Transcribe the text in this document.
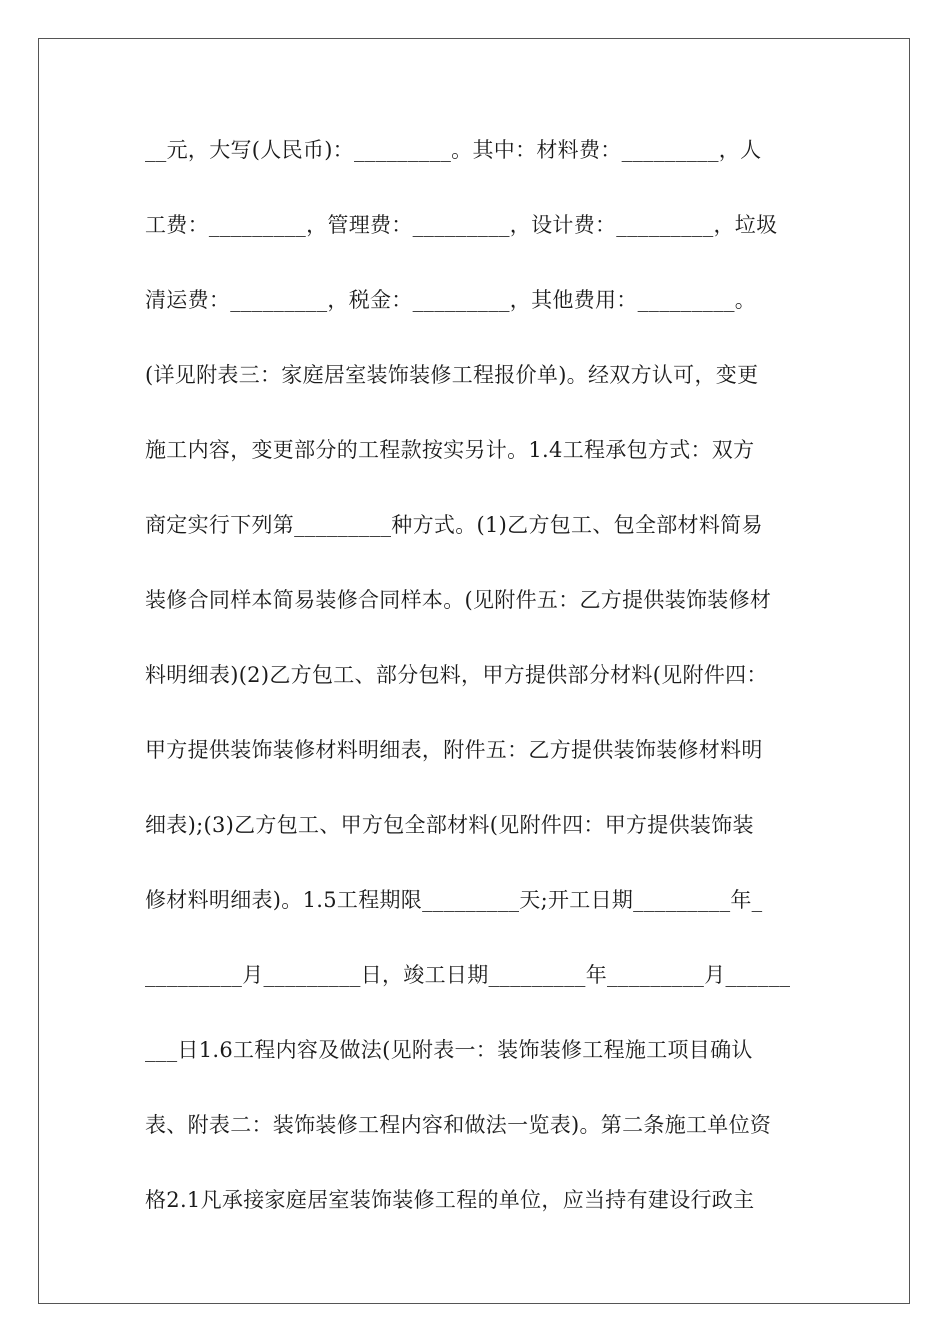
__元，大写(人民币)：_________。其中：材料费：_________，人
工费：_________，管理费：_________，设计费：_________，垃圾
清运费：_________，税金：_________，其他费用：_________。
(详见附表三：家庭居室装饰装修工程报价单)。经双方认可，变更
施工内容，变更部分的工程款按实另计。1.4工程承包方式：双方
商定实行下列第_________种方式。(1)乙方包工、包全部材料简易
装修合同样本简易装修合同样本。(见附件五：乙方提供装饰装修材
料明细表)(2)乙方包工、部分包料，甲方提供部分材料(见附件四：
甲方提供装饰装修材料明细表，附件五：乙方提供装饰装修材料明
细表);(3)乙方包工、甲方包全部材料(见附件四：甲方提供装饰装
修材料明细表)。1.5工程期限_________天;开工日期_________年_
_________月_________日，竣工日期_________年_________月______
___日1.6工程内容及做法(见附表一：装饰装修工程施工项目确认
表、附表二：装饰装修工程内容和做法一览表)。第二条施工单位资
格2.1凡承接家庭居室装饰装修工程的单位，应当持有建设行政主
